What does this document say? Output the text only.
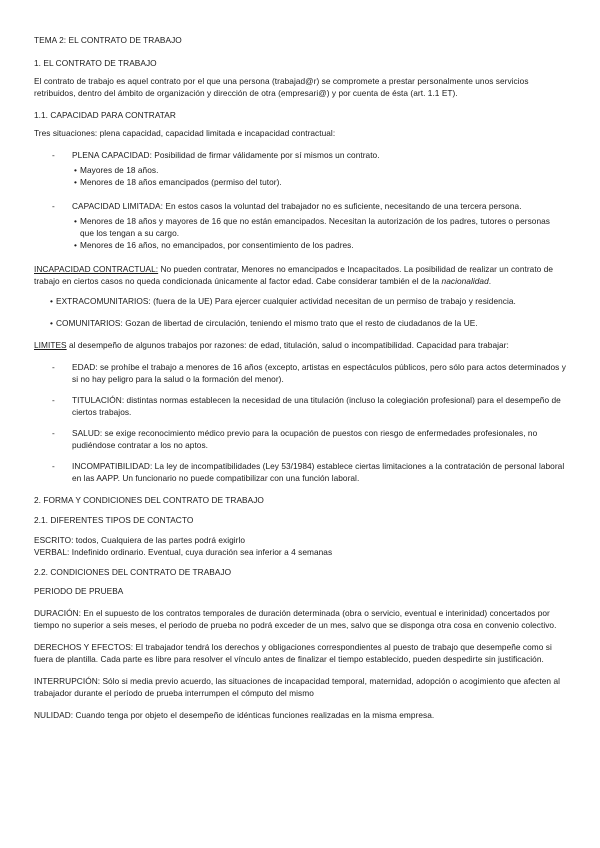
TEMA 2: EL CONTRATO DE TRABAJO

1. EL CONTRATO DE TRABAJO

El contrato de trabajo es aquel contrato por el que una persona (trabajad@r) se compromete a prestar personalmente unos servicios retribuidos, dentro del ámbito de organización y dirección de otra (empresari@) y por cuenta de ésta (art. 1.1 ET).

1.1. CAPACIDAD PARA CONTRATAR

Tres situaciones: plena capacidad, capacidad limitada e incapacidad contractual:

-	PLENA CAPACIDAD: Posibilidad de firmar válidamente por sí mismos un contrato.
• Mayores de 18 años.
• Menores de 18 años emancipados (permiso del tutor).
-	CAPACIDAD LIMITADA: En estos casos la voluntad del trabajador no es suficiente, necesitando de una tercera persona.
• Menores de 18 años y mayores de 16 que no están emancipados. Necesitan la autorización de los padres, tutores o personas que los tengan a su cargo.
• Menores de 16 años, no emancipados, por consentimiento de los padres.

INCAPACIDAD CONTRACTUAL: No pueden contratar, Menores no emancipados e Incapacitados. La posibilidad de realizar un contrato de trabajo en ciertos casos no queda condicionada únicamente al factor edad. Cabe considerar también el de la nacionalidad.

• EXTRACOMUNITARIOS: (fuera de la UE) Para ejercer cualquier actividad necesitan de un permiso de trabajo y residencia.
• COMUNITARIOS: Gozan de libertad de circulación, teniendo el mismo trato que el resto de ciudadanos de la UE.

LIMITES al desempeño de algunos trabajos por razones: de edad, titulación, salud o incompatibilidad. Capacidad para trabajar:

-	EDAD: se prohíbe el trabajo a menores de 16 años (excepto, artistas en espectáculos públicos, pero sólo para actos determinados y si no hay peligro para la salud o la formación del menor).
-	TITULACIÓN: distintas normas establecen la necesidad de una titulación (incluso la colegiación profesional) para el desempeño de ciertos trabajos.
-	SALUD: se exige reconocimiento médico previo para la ocupación de puestos con riesgo de enfermedades profesionales, no pudiéndose contratar a los no aptos.
-	INCOMPATIBILIDAD: La ley de incompatibilidades (Ley 53/1984) establece ciertas limitaciones a la contratación de personal laboral en las AAPP. Un funcionario no puede compatibilizar con una función laboral.

2. FORMA Y CONDICIONES DEL CONTRATO DE TRABAJO

2.1. DIFERENTES TIPOS DE CONTACTO

ESCRITO: todos, Cualquiera de las partes podrá exigirlo

VERBAL: Indefinido ordinario. Eventual, cuya duración sea inferior a 4 semanas

2.2. CONDICIONES DEL CONTRATO DE TRABAJO

PERIODO DE PRUEBA

DURACIÓN: En el supuesto de los contratos temporales de duración determinada (obra o servicio, eventual e interinidad) concertados por tiempo no superior a seis meses, el periodo de prueba no podrá exceder de un mes, salvo que se disponga otra cosa en convenio colectivo.

DERECHOS Y EFECTOS: El trabajador tendrá los derechos y obligaciones correspondientes al puesto de trabajo que desempeñe como si fuera de plantilla. Cada parte es libre para resolver el vínculo antes de finalizar el tiempo establecido, pueden despedirte sin justificación.

INTERRUPCIÓN: Sólo si media previo acuerdo, las situaciones de incapacidad temporal, maternidad, adopción o acogimiento que afecten al trabajador durante el período de prueba interrumpen el cómputo del mismo

NULIDAD: Cuando tenga por objeto el desempeño de idénticas funciones realizadas en la misma empresa.
